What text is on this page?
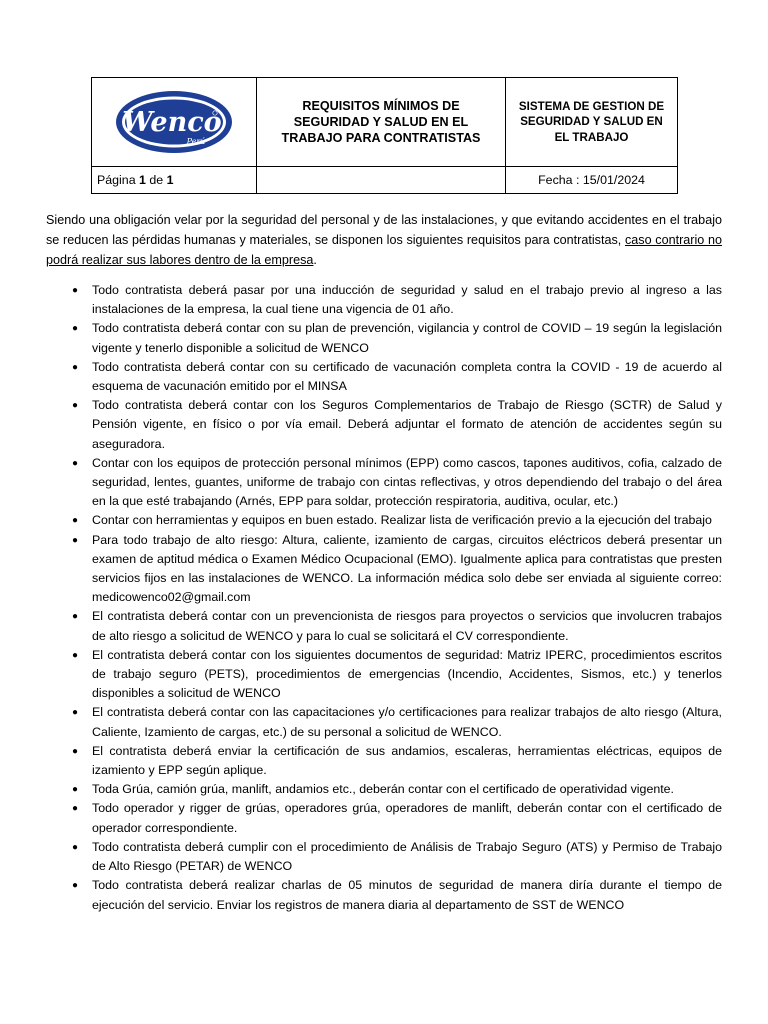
Wenco
Perú	REQUISITOS MÍNIMOS DE SEGURIDAD Y SALUD EN EL TRABAJO PARA CONTRATISTAS	SISTEMA DE GESTION DE SEGURIDAD Y SALUD EN EL TRABAJO
Página 1 de 1		Fecha : 15/01/2024

Siendo una obligación velar por la seguridad del personal y de las instalaciones, y que evitando accidentes en el trabajo se reducen las pérdidas humanas y materiales, se disponen los siguientes requisitos para contratistas, caso contrario no podrá realizar sus labores dentro de la empresa.

● Todo contratista deberá pasar por una inducción de seguridad y salud en el trabajo previo al ingreso a las instalaciones de la empresa, la cual tiene una vigencia de 01 año.
● Todo contratista deberá contar con su plan de prevención, vigilancia y control de COVID – 19 según la legislación vigente y tenerlo disponible a solicitud de WENCO
● Todo contratista deberá contar con su certificado de vacunación completa contra la COVID - 19 de acuerdo al esquema de vacunación emitido por el MINSA
● Todo contratista deberá contar con los Seguros Complementarios de Trabajo de Riesgo (SCTR) de Salud y Pensión vigente, en físico o por vía email. Deberá adjuntar el formato de atención de accidentes según su aseguradora.
● Contar con los equipos de protección personal mínimos (EPP) como cascos, tapones auditivos, cofia, calzado de seguridad, lentes, guantes, uniforme de trabajo con cintas reflectivas, y otros dependiendo del trabajo o del área en la que esté trabajando (Arnés, EPP para soldar, protección respiratoria, auditiva, ocular, etc.)
● Contar con herramientas y equipos en buen estado. Realizar lista de verificación previo a la ejecución del trabajo
● Para todo trabajo de alto riesgo: Altura, caliente, izamiento de cargas, circuitos eléctricos deberá presentar un examen de aptitud médica o Examen Médico Ocupacional (EMO). Igualmente aplica para contratistas que presten servicios fijos en las instalaciones de WENCO. La información médica solo debe ser enviada al siguiente correo: medicowenco02@gmail.com
● El contratista deberá contar con un prevencionista de riesgos para proyectos o servicios que involucren trabajos de alto riesgo a solicitud de WENCO y para lo cual se solicitará el CV correspondiente.
● El contratista deberá contar con los siguientes documentos de seguridad: Matriz IPERC, procedimientos escritos de trabajo seguro (PETS), procedimientos de emergencias (Incendio, Accidentes, Sismos, etc.) y tenerlos disponibles a solicitud de WENCO
● El contratista deberá contar con las capacitaciones y/o certificaciones para realizar trabajos de alto riesgo (Altura, Caliente, Izamiento de cargas, etc.) de su personal a solicitud de WENCO.
● El contratista deberá enviar la certificación de sus andamios, escaleras, herramientas eléctricas, equipos de izamiento y EPP según aplique.
● Toda Grúa, camión grúa, manlift, andamios etc., deberán contar con el certificado de operatividad vigente.
● Todo operador y rigger de grúas, operadores grúa, operadores de manlift, deberán contar con el certificado de operador correspondiente.
● Todo contratista deberá cumplir con el procedimiento de Análisis de Trabajo Seguro (ATS) y Permiso de Trabajo de Alto Riesgo (PETAR) de WENCO
● Todo contratista deberá realizar charlas de 05 minutos de seguridad de manera diría durante el tiempo de ejecución del servicio. Enviar los registros de manera diaria al departamento de SST de WENCO
